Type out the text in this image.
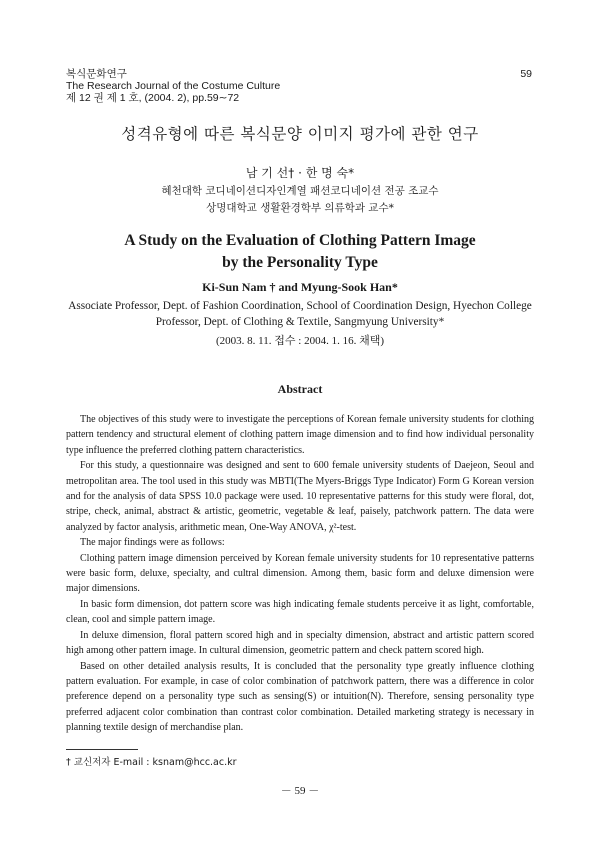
복식문화연구
The Research Journal of the Costume Culture
제 12 권 제 1 호, (2004. 2), pp.59∼72
59
성격유형에 따른 복식문양 이미지 평가에 관한 연구
남 기 선† · 한 명 숙*
혜천대학 코디네이션디자인계열 패션코디네이션 전공 조교수
상명대학교 생활환경학부 의류학과 교수*
A Study on the Evaluation of Clothing Pattern Image
by the Personality Type
Ki-Sun Nam † and Myung-Sook Han*
Associate Professor, Dept. of Fashion Coordination, School of Coordination Design, Hyechon College
Professor, Dept. of Clothing & Textile, Sangmyung University*
(2003. 8. 11. 접수 : 2004. 1. 16. 채택)
Abstract

The objectives of this study were to investigate the perceptions of Korean female university students for clothing pattern tendency and structural element of clothing pattern image dimension and to find how individual personality type influence the preferred clothing pattern characteristics.

For this study, a questionnaire was designed and sent to 600 female university students of Daejeon, Seoul and metropolitan area. The tool used in this study was MBTI(The Myers-Briggs Type Indicator) Form G Korean version and for the analysis of data SPSS 10.0 package were used. 10 representative patterns for this study were floral, dot, stripe, check, animal, abstract & artistic, geometric, vegetable & leaf, paisely, patchwork pattern. The data were analyzed by factor analysis, arithmetic mean, One-Way ANOVA, χ²-test.

The major findings were as follows:

Clothing pattern image dimension perceived by Korean female university students for 10 representative patterns were basic form, deluxe, specialty, and cultral dimension. Among them, basic form and deluxe dimension were major dimensions.

In basic form dimension, dot pattern score was high indicating female students perceive it as light, comfortable, clean, cool and simple pattern image.

In deluxe dimension, floral pattern scored high and in specialty dimension, abstract and artistic pattern scored high among other pattern image. In cultural dimension, geometric pattern and check pattern scored high.

Based on other detailed analysis results, It is concluded that the personality type greatly influence clothing pattern evaluation. For example, in case of color combination of patchwork pattern, there was a difference in color preference depend on a personality type such as sensing(S) or intuition(N). Therefore, sensing personality type preferred adjacent color combination than contrast color combination. Detailed marketing strategy is necessary in planning textile design of merchandise plan.

† 교신저자 E-mail : ksnam@hcc.ac.kr
－ 59 －
